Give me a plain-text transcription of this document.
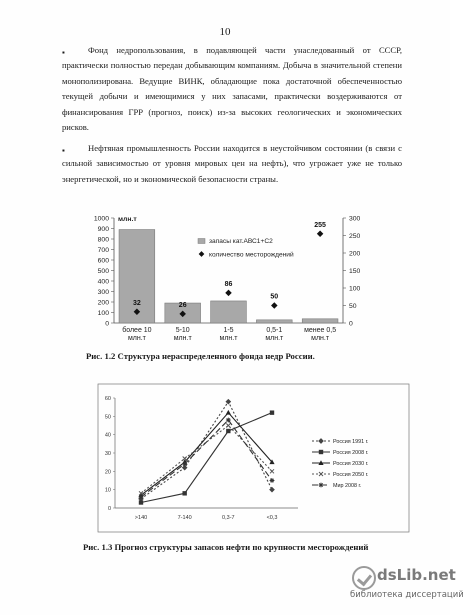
10
▪	Фонд недропользования, в подавляющей части унаследованный от СССР, практически полностью передан добывающим компаниям. Добыча в значительной степени монополизирована. Ведущие ВИНК, обладающие пока достаточной обеспеченностью текущей добычи и имеющимися у них запасами, практически воздерживаются от финансирования ГРР (прогноз, поиск) из-за высоких геологических и экономических рисков.
▪	Нефтяная промышленность России находится в неустойчивом состоянии (в связи с сильной зависимостью от уровня мировых цен на нефть), что угрожает уже не только энергетической, но и экономической безопасности страны.
0
100
200
300
400
500
600
700
800
900
1000
0
50
100
150
200
250
300
млн.т
более 10
млн.т
32
5-10
млн.т
26
1-5
млн.т
86
0,5-1
млн.т
50
менее 0,5
млн.т
255
запасы кат.АВС1+С2
количество месторождений
Рис. 1.2 Структура нераспределенного фонда недр России.
0
10
20
30
40
50
60
>140	7-140	0,3-7	<0,3
Россия 1991 г.
Россия 2008 г.
Россия 2030 г.
Россия 2050 г.
Мир 2008 г.
Рис. 1.3 Прогноз структуры запасов нефти по крупности месторождений
dsLib.net
библиотека диссертаций
